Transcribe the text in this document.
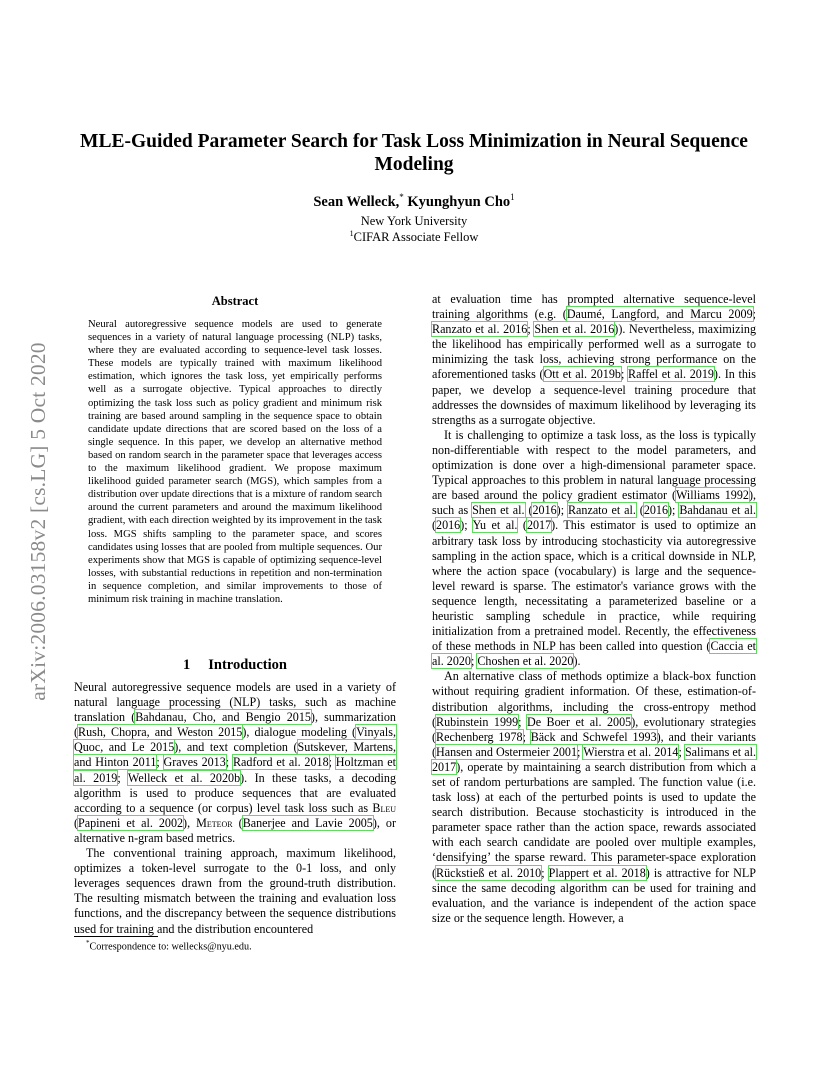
arXiv:2006.03158v2 [cs.LG] 5 Oct 2020
MLE-Guided Parameter Search for Task Loss Minimization in Neural Sequence Modeling
Sean Welleck,* Kyunghyun Cho$^1$
New York University
$^1$CIFAR Associate Fellow
Abstract
Neural autoregressive sequence models are used to generate sequences in a variety of natural language processing (NLP) tasks, where they are evaluated according to sequence-level task losses. These models are typically trained with maximum likelihood estimation, which ignores the task loss, yet empirically performs well as a surrogate objective. Typical approaches to directly optimizing the task loss such as policy gradient and minimum risk training are based around sampling in the sequence space to obtain candidate update directions that are scored based on the loss of a single sequence. In this paper, we develop an alternative method based on random search in the parameter space that leverages access to the maximum likelihood gradient. We propose maximum likelihood guided parameter search (MGS), which samples from a distribution over update directions that is a mixture of random search around the current parameters and around the maximum likelihood gradient, with each direction weighted by its improvement in the task loss. MGS shifts sampling to the parameter space, and scores candidates using losses that are pooled from multiple sequences. Our experiments show that MGS is capable of optimizing sequence-level losses, with substantial reductions in repetition and non-termination in sequence completion, and similar improvements to those of minimum risk training in machine translation.
1 Introduction

Neural autoregressive sequence models are used in a variety of natural language processing (NLP) tasks, such as machine translation (Bahdanau, Cho, and Bengio 2015), summarization (Rush, Chopra, and Weston 2015), dialogue modeling (Vinyals, Quoc, and Le 2015), and text completion (Sutskever, Martens, and Hinton 2011; Graves 2013; Radford et al. 2018; Holtzman et al. 2019; Welleck et al. 2020b). In these tasks, a decoding algorithm is used to produce sequences that are evaluated according to a sequence (or corpus) level task loss such as Bleu (Papineni et al. 2002), Meteor (Banerjee and Lavie 2005), or alternative n-gram based metrics.

The conventional training approach, maximum likelihood, optimizes a token-level surrogate to the 0-1 loss, and only leverages sequences drawn from the ground-truth distribution. The resulting mismatch between the training and evaluation loss functions, and the discrepancy between the sequence distributions used for training and the distribution encountered

at evaluation time has prompted alternative sequence-level training algorithms (e.g. (Daumé, Langford, and Marcu 2009; Ranzato et al. 2016; Shen et al. 2016)). Nevertheless, maximizing the likelihood has empirically performed well as a surrogate to minimizing the task loss, achieving strong performance on the aforementioned tasks (Ott et al. 2019b; Raffel et al. 2019). In this paper, we develop a sequence-level training procedure that addresses the downsides of maximum likelihood by leveraging its strengths as a surrogate objective.

It is challenging to optimize a task loss, as the loss is typically non-differentiable with respect to the model parameters, and optimization is done over a high-dimensional parameter space. Typical approaches to this problem in natural language processing are based around the policy gradient estimator (Williams 1992), such as Shen et al. (2016); Ranzato et al. (2016); Bahdanau et al. (2016); Yu et al. (2017). This estimator is used to optimize an arbitrary task loss by introducing stochasticity via autoregressive sampling in the action space, which is a critical downside in NLP, where the action space (vocabulary) is large and the sequence-level reward is sparse. The estimator's variance grows with the sequence length, necessitating a parameterized baseline or a heuristic sampling schedule in practice, while requiring initialization from a pretrained model. Recently, the effectiveness of these methods in NLP has been called into question (Caccia et al. 2020; Choshen et al. 2020).

An alternative class of methods optimize a black-box function without requiring gradient information. Of these, estimation-of-distribution algorithms, including the cross-entropy method (Rubinstein 1999; De Boer et al. 2005), evolutionary strategies (Rechenberg 1978; Bäck and Schwefel 1993), and their variants (Hansen and Ostermeier 2001; Wierstra et al. 2014; Salimans et al. 2017), operate by maintaining a search distribution from which a set of random perturbations are sampled. The function value (i.e. task loss) at each of the perturbed points is used to update the search distribution. Because stochasticity is introduced in the parameter space rather than the action space, rewards associated with each search candidate are pooled over multiple examples, ‘densifying’ the sparse reward. This parameter-space exploration (Rückstieß et al. 2010; Plappert et al. 2018) is attractive for NLP since the same decoding algorithm can be used for training and evaluation, and the variance is independent of the action space size or the sequence length. However, a

*Correspondence to: wellecks@nyu.edu.
